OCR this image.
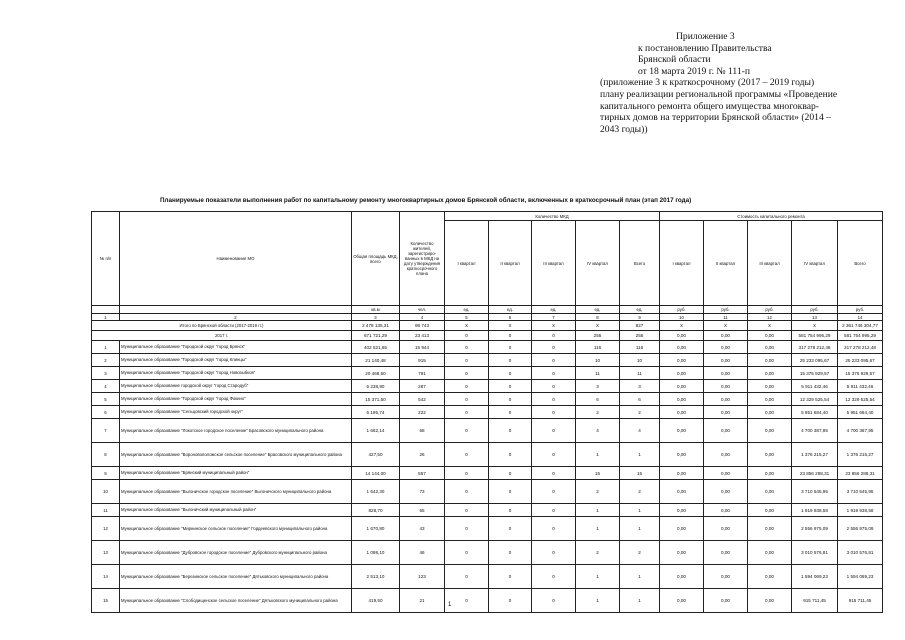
Приложение 3
к постановлению Правительства
Брянской области
от 18 марта 2019 г. № 111-п
(приложение 3 к краткосрочному (2017 – 2019 годы)
плану реализации региональной программы «Проведение
капитального ремонта общего имущества многоквар-
тирных домов на территории Брянской области» (2014 –
2043 годы))
Планируемые показатели выполнения работ по капитальному ремонту многоквартирных домов Брянской области, включенных в краткосрочный план (этап 2017 года)
№ п/п	Наименование МО	Общая площадь МКД, всего	Количество жителей, зарегистриро-ванных в МКД на дату утверждения краткосрочного плана	Количество МКД					Стоимость капитального ремонта				
				I квартал	II квартал	III квартал	IV квартал	Всего	I квартал	II квартал	III квартал	IV квартал	Всего
		кв.м	чел.	ед.	ед.	ед.	ед.	ед.	руб.	руб.	руб.	руб.	руб.
1	2	3	4	5	6	7	8	9	10	11	12	13	14
Итого по Брянской области (2017-2019 гг.)		2 478 135,31	98 743	X	X	X	X	827	X	X	X	X	2 361 746 304,77
2017 г.		671 721,29	23 413	0	0	0	255	255	0,00	0,00	0,00	581 754 995,29	581 754 995,29
1	Муниципальное образование "Городской округ "город Брянск"	402 521,65	15 944	0	0	0	116	116	0,00	0,00	0,00	317 278 212,48	317 278 212,48
2	Муниципальное образование "Городской округ "город Клинцы"	21 140,48	915	0	0	0	10	10	0,00	0,00	0,00	25 233 095,67	25 233 095,67
3	Муниципальное образование "Городской округ "город Новозыбков"	20 468,50	791	0	0	0	11	11	0,00	0,00	0,00	15 375 929,57	15 375 929,57
4	Муниципальное образование городской округ "город Стародуб"	6 238,90	287	0	0	0	3	3	0,00	0,00	0,00	5 911 432,46	5 911 432,46
5	Муниципальное образование "Городской округ "город Фокино"	15 371,50	542	0	0	0	6	6	0,00	0,00	0,00	12 329 525,54	12 329 525,54
6	Муниципальное образование "Сельцовский городской округ"	6 195,74	222	0	0	0	2	2	0,00	0,00	0,00	5 951 684,40	5 951 684,40
7	Муниципальное образование "Локотское городское поселение" Брасовского муниципального района	1 662,14	68	0	0	0	4	4	0,00	0,00	0,00	4 700 387,95	4 700 387,95
8	Муниципальное образование "Вороновоположское сельское поселение" Брасовского муниципального района	427,50	26	0	0	0	1	1	0,00	0,00	0,00	1 376 215,27	1 376 215,27
9	Муниципальное образование "Брянский муниципальный район"	14 144,00	557	0	0	0	15	15	0,00	0,00	0,00	23 856 288,31	23 856 288,31
10	Муниципальное образование "Выгоничское городское поселение" Выгоничского муниципального района	1 642,30	73	0	0	0	2	2	0,00	0,00	0,00	3 710 545,95	3 710 545,95
11	Муниципальное образование "Выгоничский муниципальный район"	828,70	65	0	0	0	1	1	0,00	0,00	0,00	1 919 938,58	1 919 938,58
12	Муниципальное образование "Мирнинское сельское поселение" Гордеевского муниципального района	1 670,80	43	0	0	0	1	1	0,00	0,00	0,00	2 556 975,09	2 556 975,09
13	Муниципальное образование "Дубровское городское поселение" Дубровского муниципального района	1 098,10	46	0	0	0	2	2	0,00	0,00	0,00	3 010 576,81	3 010 576,81
14	Муниципальное образование "Березинское сельское поселение" Дятьковского муниципального района	2 513,10	123	0	0	0	1	1	0,00	0,00	0,00	1 594 069,23	1 594 069,23
15	Муниципальное образование "Слободищенское сельское поселение" Дятьковского муниципального района	419,50	21	0	0	0	1	1	0,00	0,00	0,00	915 711,45	915 711,45
1
